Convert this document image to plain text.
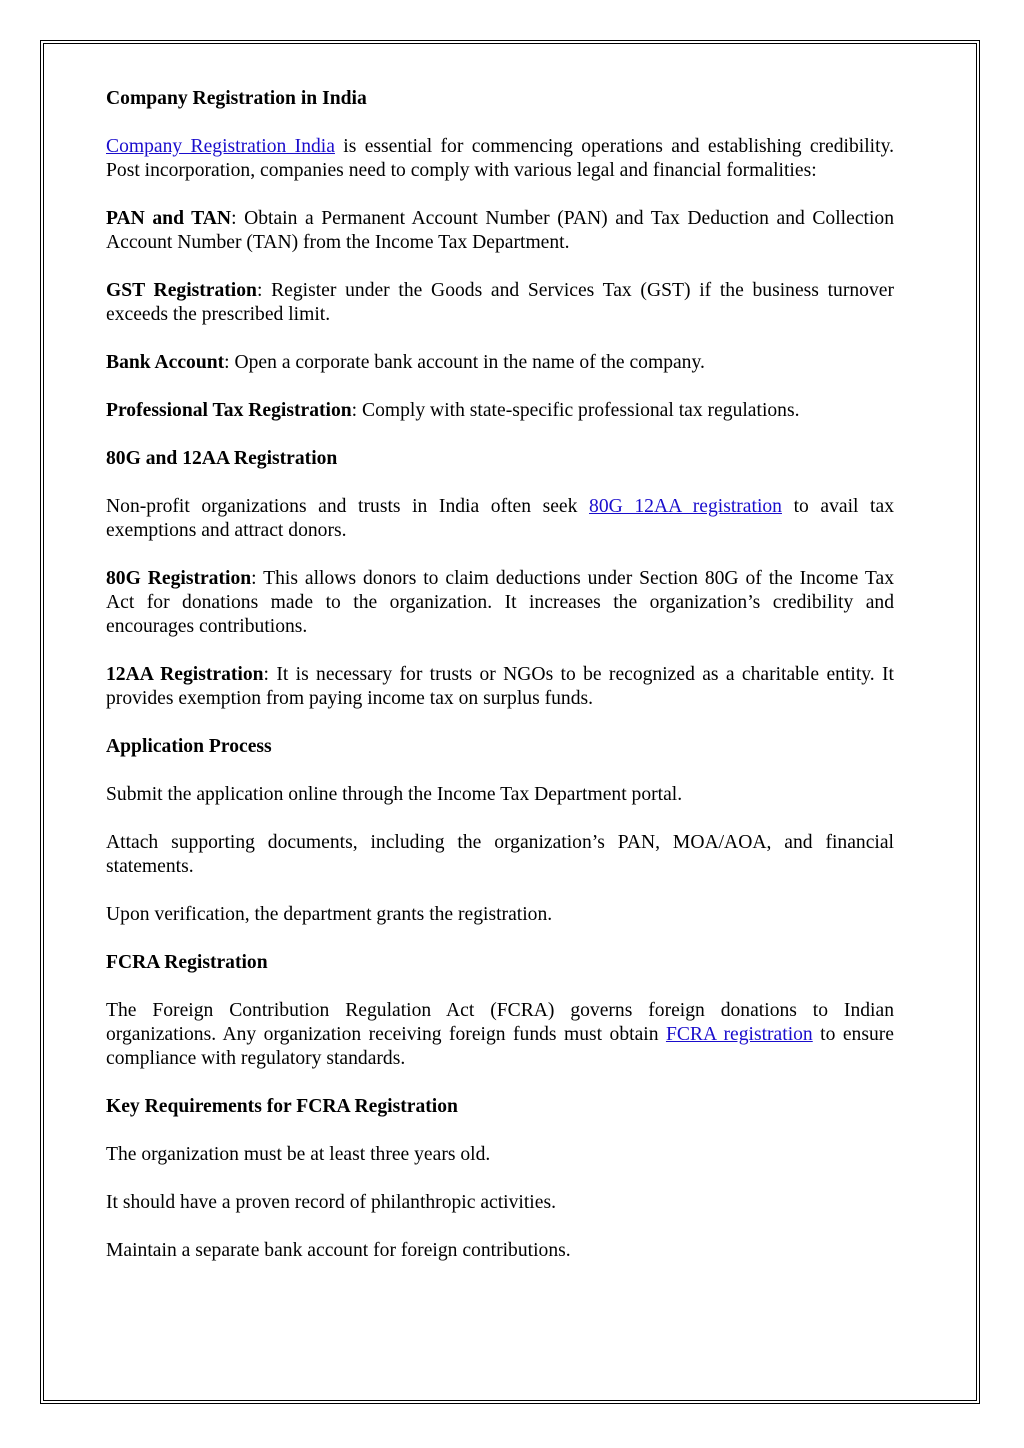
Company Registration in India

Company Registration India is essential for commencing operations and establishing credibility. Post incorporation, companies need to comply with various legal and financial formalities:

PAN and TAN: Obtain a Permanent Account Number (PAN) and Tax Deduction and Collection Account Number (TAN) from the Income Tax Department.

GST Registration: Register under the Goods and Services Tax (GST) if the business turnover exceeds the prescribed limit.

Bank Account: Open a corporate bank account in the name of the company.

Professional Tax Registration: Comply with state-specific professional tax regulations.

80G and 12AA Registration

Non-profit organizations and trusts in India often seek 80G 12AA registration to avail tax exemptions and attract donors.

80G Registration: This allows donors to claim deductions under Section 80G of the Income Tax Act for donations made to the organization. It increases the organization’s credibility and encourages contributions.

12AA Registration: It is necessary for trusts or NGOs to be recognized as a charitable entity. It provides exemption from paying income tax on surplus funds.

Application Process

Submit the application online through the Income Tax Department portal.

Attach supporting documents, including the organization’s PAN, MOA/AOA, and financial statements.

Upon verification, the department grants the registration.

FCRA Registration

The Foreign Contribution Regulation Act (FCRA) governs foreign donations to Indian organizations. Any organization receiving foreign funds must obtain FCRA registration to ensure compliance with regulatory standards.

Key Requirements for FCRA Registration

The organization must be at least three years old.

It should have a proven record of philanthropic activities.

Maintain a separate bank account for foreign contributions.
